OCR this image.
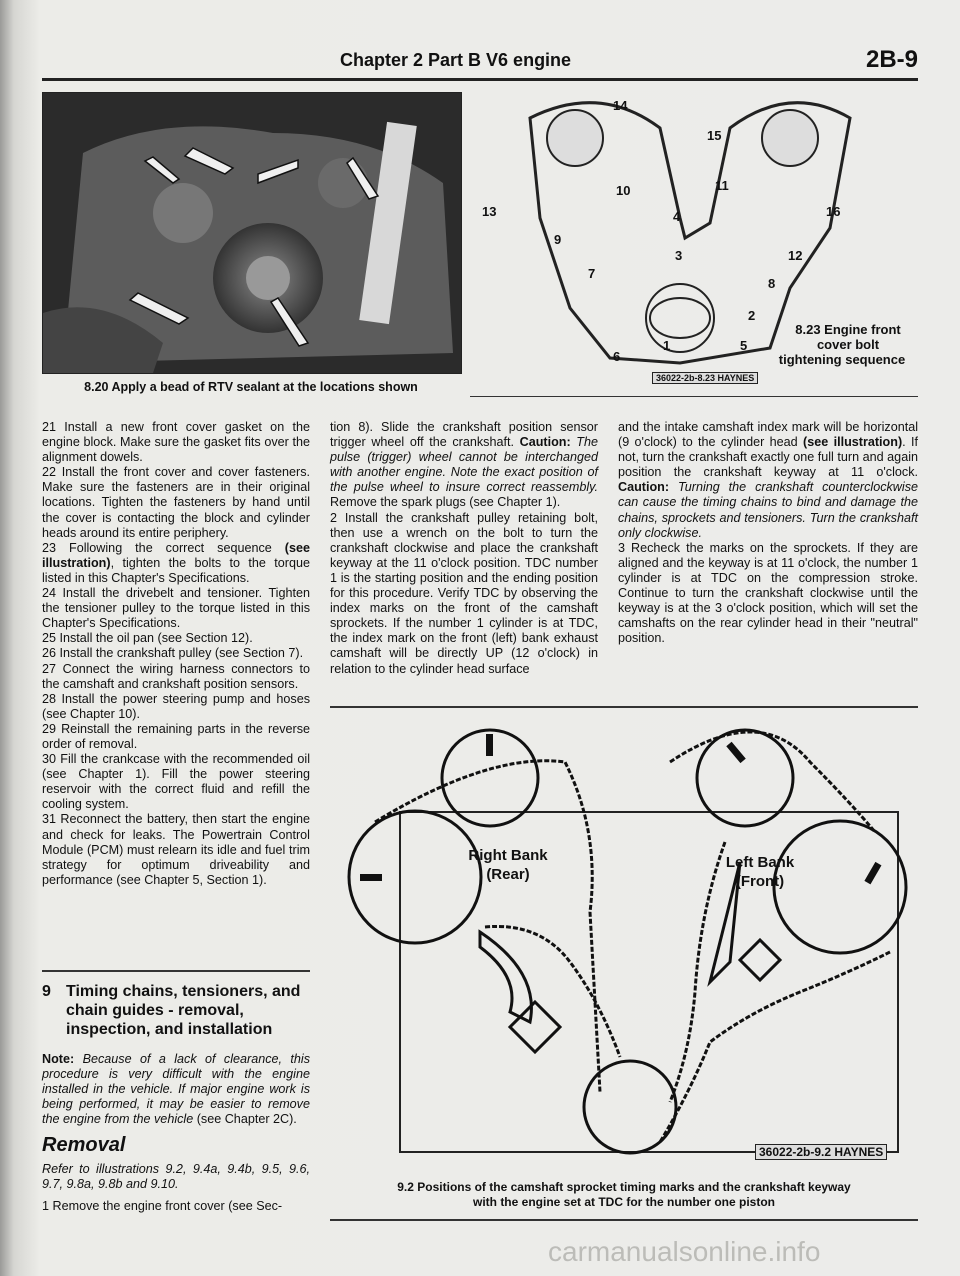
Chapter 2 Part B V6 engine	2B-9
8.20 Apply a bead of RTV sealant at the locations shown
1
2
3
4
5
6
7
8
9
10	11
12
13
14
15
16
8.23 Engine front
cover bolt
tightening sequence
36022-2b-8.23 HAYNES

21 Install a new front cover gasket on the engine block. Make sure the gasket fits over the alignment dowels.

22 Install the front cover and cover fasteners. Make sure the fasteners are in their original locations. Tighten the fasteners by hand until the cover is contacting the block and cylinder heads around its entire periphery.

23 Following the correct sequence (see illustration), tighten the bolts to the torque listed in this Chapter's Specifications.

24 Install the drivebelt and tensioner. Tighten the tensioner pulley to the torque listed in this Chapter's Specifications.

25 Install the oil pan (see Section 12).

26 Install the crankshaft pulley (see Section 7).

27 Connect the wiring harness connectors to the camshaft and crankshaft position sensors.

28 Install the power steering pump and hoses (see Chapter 10).

29 Reinstall the remaining parts in the reverse order of removal.

30 Fill the crankcase with the recommended oil (see Chapter 1). Fill the power steering reservoir with the correct fluid and refill the cooling system.

31 Reconnect the battery, then start the engine and check for leaks. The Powertrain Control Module (PCM) must relearn its idle and fuel trim strategy for optimum driveability and performance (see Chapter 5, Section 1).

9 Timing chains, tensioners, and chain guides - removal, inspection, and installation

Note: Because of a lack of clearance, this procedure is very difficult with the engine installed in the vehicle. If major engine work is being performed, it may be easier to remove the engine from the vehicle (see Chapter 2C).

Removal
Refer to illustrations 9.2, 9.4a, 9.4b, 9.5, 9.6, 9.7, 9.8a, 9.8b and 9.10.
1 Remove the engine front cover (see Sec-

tion 8). Slide the crankshaft position sensor trigger wheel off the crankshaft. Caution: The pulse (trigger) wheel cannot be interchanged with another engine. Note the exact position of the pulse wheel to insure correct reassembly. Remove the spark plugs (see Chapter 1).

2 Install the crankshaft pulley retaining bolt, then use a wrench on the bolt to turn the crankshaft clockwise and place the crankshaft keyway at the 11 o'clock position. TDC number 1 is the starting position and the ending position for this procedure. Verify TDC by observing the index marks on the front of the camshaft sprockets. If the number 1 cylinder is at TDC, the index mark on the front (left) bank exhaust camshaft will be directly UP (12 o'clock) in relation to the cylinder head surface

and the intake camshaft index mark will be horizontal (9 o'clock) to the cylinder head (see illustration). If not, turn the crankshaft exactly one full turn and again position the crankshaft keyway at 11 o'clock. Caution: Turning the crankshaft counterclockwise can cause the timing chains to bind and damage the chains, sprockets and tensioners. Turn the crankshaft only clockwise.

3 Recheck the marks on the sprockets. If they are aligned and the keyway is at 11 o'clock, the number 1 cylinder is at TDC on the compression stroke. Continue to turn the crankshaft clockwise until the keyway is at the 3 o'clock position, which will set the camshafts on the rear cylinder head in their "neutral" position.

Right Bank
(Rear)
Left Bank
(Front)
36022-2b-9.2 HAYNES
9.2 Positions of the camshaft sprocket timing marks and the crankshaft keyway
with the engine set at TDC for the number one piston
carmanualsonline.info
